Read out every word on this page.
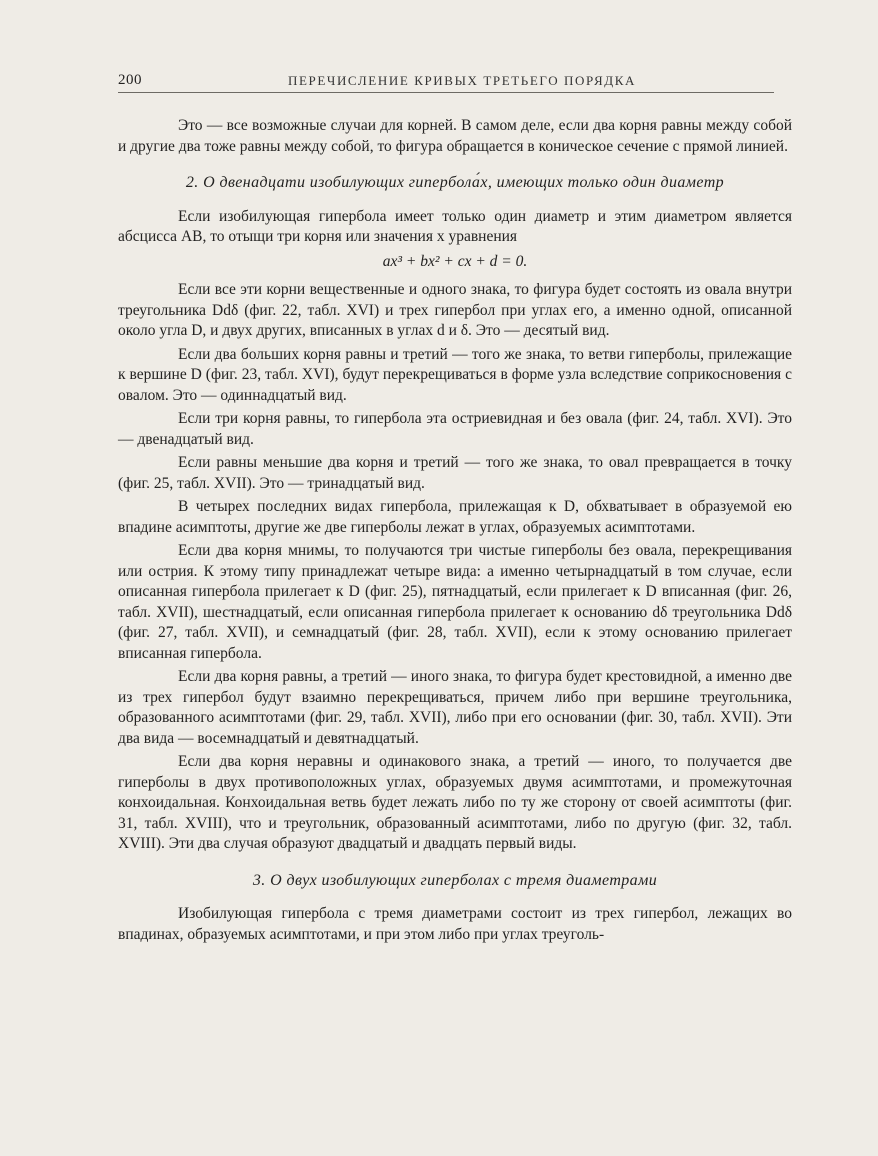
200	ПЕРЕЧИСЛЕНИЕ КРИВЫХ ТРЕТЬЕГО ПОРЯДКА

Это — все возможные случаи для корней. В самом деле, если два корня равны между собой и другие два тоже равны между собой, то фигура обращается в коническое сечение с прямой линией.

2. О двенадцати изобилующих гипербола́х, имеющих только один диаметр

Если изобилующая гипербола имеет только один диаметр и этим диаметром является абсцисса AB, то отыщи три корня или значения x уравнения

ax³ + bx² + cx + d = 0.

Если все эти корни вещественные и одного знака, то фигура будет состоять из овала внутри треугольника Ddδ (фиг. 22, табл. XVI) и трех гипербол при углах его, а именно одной, описанной около угла D, и двух других, вписанных в углах d и δ. Это — десятый вид.

Если два больших корня равны и третий — того же знака, то ветви гиперболы, прилежащие к вершине D (фиг. 23, табл. XVI), будут перекрещиваться в форме узла вследствие соприкосновения с овалом. Это — одиннадцатый вид.

Если три корня равны, то гипербола эта остриевидная и без овала (фиг. 24, табл. XVI). Это — двенадцатый вид.

Если равны меньшие два корня и третий — того же знака, то овал превращается в точку (фиг. 25, табл. XVII). Это — тринадцатый вид.

В четырех последних видах гипербола, прилежащая к D, обхватывает в образуемой ею впадине асимптоты, другие же две гиперболы лежат в углах, образуемых асимптотами.

Если два корня мнимы, то получаются три чистые гиперболы без овала, перекрещивания или острия. К этому типу принадлежат четыре вида: а именно четырнадцатый в том случае, если описанная гипербола прилегает к D (фиг. 25), пятнадцатый, если прилегает к D вписанная (фиг. 26, табл. XVII), шестнадцатый, если описанная гипербола прилегает к основанию dδ треугольника Ddδ (фиг. 27, табл. XVII), и семнадцатый (фиг. 28, табл. XVII), если к этому основанию прилегает вписанная гипербола.

Если два корня равны, а третий — иного знака, то фигура будет крестовидной, а именно две из трех гипербол будут взаимно перекрещиваться, причем либо при вершине треугольника, образованного асимптотами (фиг. 29, табл. XVII), либо при его основании (фиг. 30, табл. XVII). Эти два вида — восемнадцатый и девятнадцатый.

Если два корня неравны и одинакового знака, а третий — иного, то получается две гиперболы в двух противоположных углах, образуемых двумя асимптотами, и промежуточная конхоидальная. Конхоидальная ветвь будет лежать либо по ту же сторону от своей асимптоты (фиг. 31, табл. XVIII), что и треугольник, образованный асимптотами, либо по другую (фиг. 32, табл. XVIII). Эти два случая образуют двадцатый и двадцать первый виды.

3. О двух изобилующих гиперболах с тремя диаметрами

Изобилующая гипербола с тремя диаметрами состоит из трех гипербол, лежащих во впадинах, образуемых асимптотами, и при этом либо при углах треуголь-
